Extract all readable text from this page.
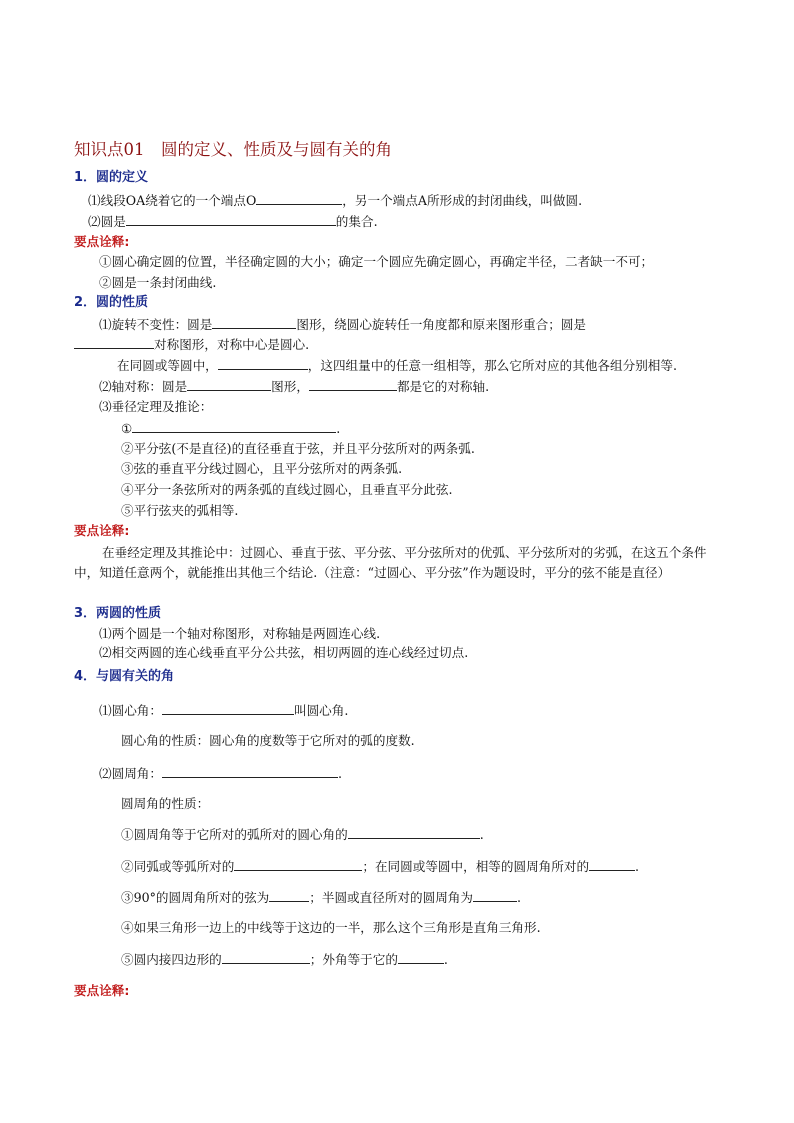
知识点01　圆的定义、性质及与圆有关的角
1．圆的定义
⑴线段OA绕着它的一个端点O	，另一个端点A所形成的封闭曲线，叫做圆.
⑵圆是	的集合.
要点诠释:
①圆心确定圆的位置，半径确定圆的大小；确定一个圆应先确定圆心，再确定半径，二者缺一不可；
②圆是一条封闭曲线.
2．圆的性质
⑴旋转不变性：圆是	图形，绕圆心旋转任一角度都和原来图形重合；圆是
对称图形，对称中心是圆心.
在同圆或等圆中，	，这四组量中的任意一组相等，那么它所对应的其他各组分别相等.
⑵轴对称：圆是	图形，	都是它的对称轴.
⑶垂径定理及推论：
①	.
②平分弦(不是直径)的直径垂直于弦，并且平分弦所对的两条弧.
③弦的垂直平分线过圆心，且平分弦所对的两条弧.
④平分一条弦所对的两条弧的直线过圆心，且垂直平分此弦.
⑤平行弦夹的弧相等.
要点诠释:
在垂经定理及其推论中：过圆心、垂直于弦、平分弦、平分弦所对的优弧、平分弦所对的劣弧，在这五个条件中，知道任意两个，就能推出其他三个结论.（注意：“过圆心、平分弦”作为题设时，平分的弦不能是直径）
3．两圆的性质
⑴两个圆是一个轴对称图形，对称轴是两圆连心线.
⑵相交两圆的连心线垂直平分公共弦，相切两圆的连心线经过切点.
4．与圆有关的角
⑴圆心角：	叫圆心角.
圆心角的性质：圆心角的度数等于它所对的弧的度数.
⑵圆周角：	.
圆周角的性质：
①圆周角等于它所对的弧所对的圆心角的	.
②同弧或等弧所对的	；在同圆或等圆中，相等的圆周角所对的	.
③90°的圆周角所对的弦为	；半圆或直径所对的圆周角为	.
④如果三角形一边上的中线等于这边的一半，那么这个三角形是直角三角形.
⑤圆内接四边形的	；外角等于它的	.
要点诠释:
